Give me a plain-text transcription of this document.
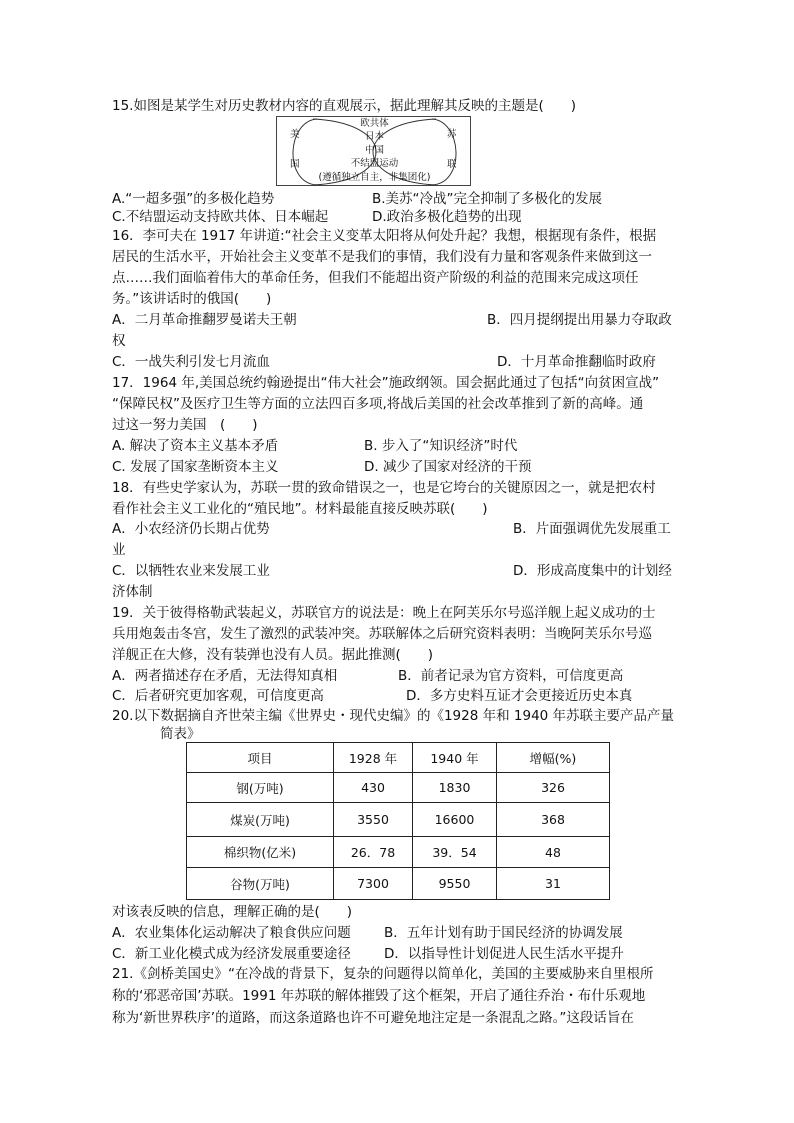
15.如图是某学生对历史教材内容的直观展示，据此理解其反映的主题是(　　)
美
国
苏
联
欧共体
日本
中国
不结盟运动
(遵循独立自主，非集团化)
A.“一超多强”的多极化趋势	B.美苏“冷战”完全抑制了多极化的发展
C.不结盟运动支持欧共体、日本崛起	D.政治多极化趋势的出现
16．李可夫在 1917 年讲道:“社会主义变革太阳将从何处升起？我想，根据现有条件，根据
居民的生活水平，开始社会主义变革不是我们的事情，我们没有力量和客观条件来做到这一
点……我们面临着伟大的革命任务，但我们不能超出资产阶级的利益的范围来完成这项任
务。”该讲话时的俄国(　　)
A．二月革命推翻罗曼诺夫王朝	B．四月提纲提出用暴力夺取政
权
C．一战失利引发七月流血	D．十月革命推翻临时政府
17．1964 年,美国总统约翰逊提出“伟大社会”施政纲领。国会据此通过了包括“向贫困宣战”
“保障民权”及医疗卫生等方面的立法四百多项,将战后美国的社会改革推到了新的高峰。通
过这一努力美国　(　　)
A. 解决了资本主义基本矛盾	B. 步入了“知识经济”时代
C. 发展了国家垄断资本主义	D. 减少了国家对经济的干预
18．有些史学家认为，苏联一贯的致命错误之一，也是它垮台的关键原因之一，就是把农村
看作社会主义工业化的“殖民地”。材料最能直接反映苏联(　　)
A．小农经济仍长期占优势	B．片面强调优先发展重工
业
C．以牺牲农业来发展工业	D．形成高度集中的计划经
济体制
19．关于彼得格勒武装起义，苏联官方的说法是：晚上在阿芙乐尔号巡洋舰上起义成功的士
兵用炮轰击冬宫，发生了激烈的武装冲突。苏联解体之后研究资料表明：当晚阿芙乐尔号巡
洋舰正在大修，没有装弹也没有人员。据此推测(　　)
A．两者描述存在矛盾，无法得知真相	B．前者记录为官方资料，可信度更高
C．后者研究更加客观，可信度更高	D．多方史料互证才会更接近历史本真
20.以下数据摘自齐世荣主编《世界史・现代史编》的《1928 年和 1940 年苏联主要产品产量
简表》
项目	1928 年	1940 年	增幅(%)
钢(万吨)	430	1830	326
煤炭(万吨)	3550	16600	368
棉织物(亿米)	26．78	39．54	48
谷物(万吨)	7300	9550	31
对该表反映的信息，理解正确的是(　　)
A．农业集体化运动解决了粮食供应问题 B．五年计划有助于国民经济的协调发展
C．新工业化模式成为经济发展重要途径 D．以指导性计划促进人民生活水平提升
21.《剑桥美国史》“在冷战的背景下，复杂的问题得以简单化，美国的主要威胁来自里根所
称的‘邪恶帝国’苏联。1991 年苏联的解体摧毁了这个框架，开启了通往乔治・布什乐观地
称为‘新世界秩序’的道路，而这条道路也许不可避免地注定是一条混乱之路。”这段话旨在
